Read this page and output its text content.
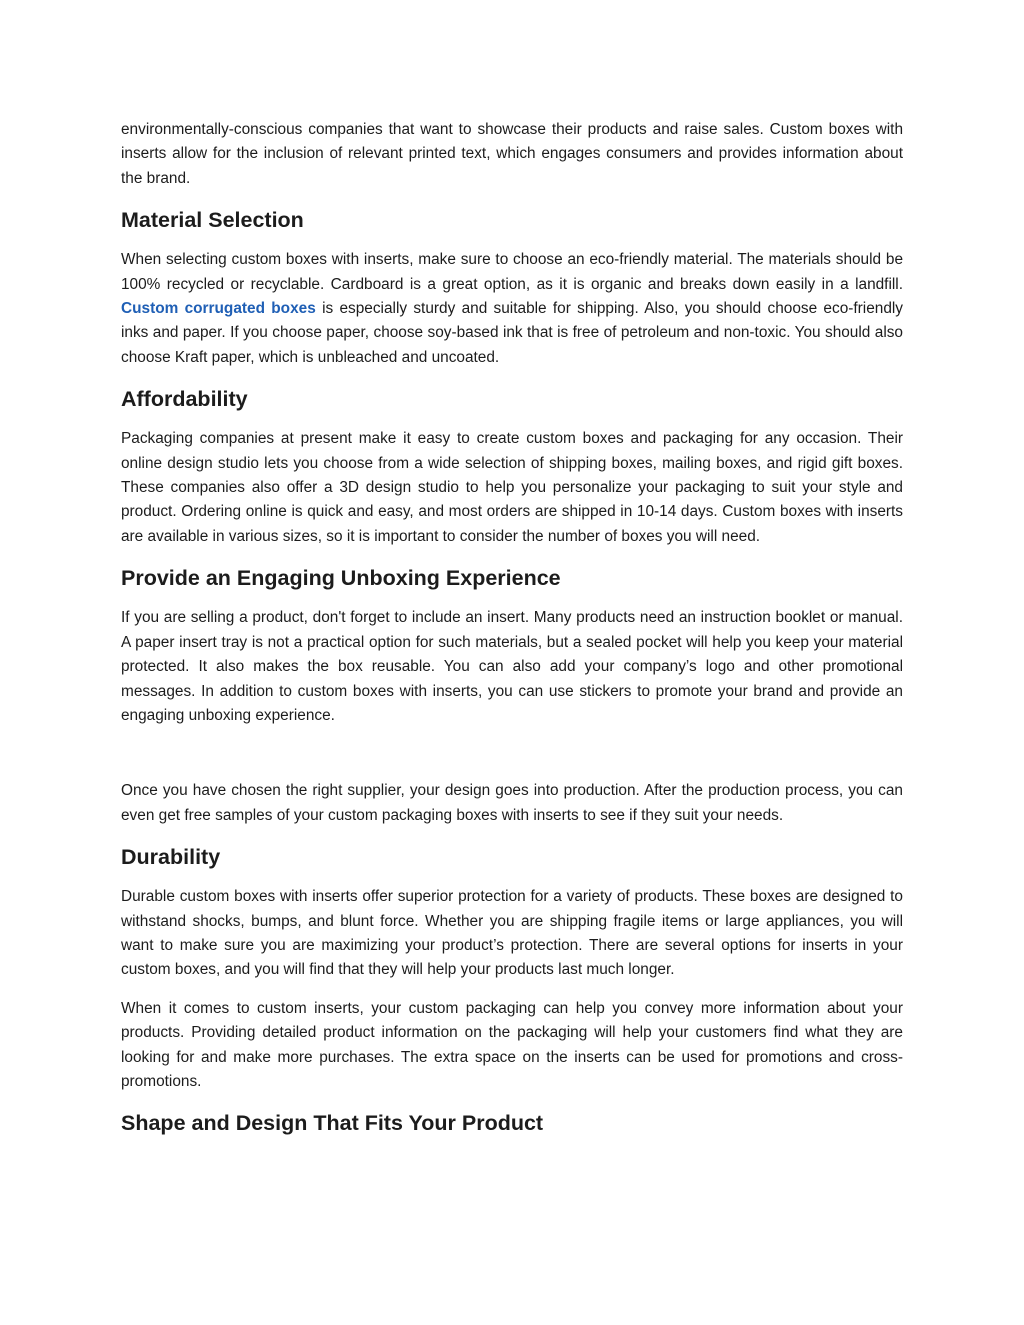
environmentally-conscious companies that want to showcase their products and raise sales. Custom boxes with inserts allow for the inclusion of relevant printed text, which engages consumers and provides information about the brand.

Material Selection

When selecting custom boxes with inserts, make sure to choose an eco-friendly material. The materials should be 100% recycled or recyclable. Cardboard is a great option, as it is organic and breaks down easily in a landfill. Custom corrugated boxes is especially sturdy and suitable for shipping. Also, you should choose eco-friendly inks and paper. If you choose paper, choose soy-based ink that is free of petroleum and non-toxic. You should also choose Kraft paper, which is unbleached and uncoated.

Affordability

Packaging companies at present make it easy to create custom boxes and packaging for any occasion. Their online design studio lets you choose from a wide selection of shipping boxes, mailing boxes, and rigid gift boxes. These companies also offer a 3D design studio to help you personalize your packaging to suit your style and product. Ordering online is quick and easy, and most orders are shipped in 10-14 days. Custom boxes with inserts are available in various sizes, so it is important to consider the number of boxes you will need.

Provide an Engaging Unboxing Experience

If you are selling a product, don't forget to include an insert. Many products need an instruction booklet or manual. A paper insert tray is not a practical option for such materials, but a sealed pocket will help you keep your material protected. It also makes the box reusable. You can also add your company’s logo and other promotional messages. In addition to custom boxes with inserts, you can use stickers to promote your brand and provide an engaging unboxing experience.

Once you have chosen the right supplier, your design goes into production. After the production process, you can even get free samples of your custom packaging boxes with inserts to see if they suit your needs.

Durability

Durable custom boxes with inserts offer superior protection for a variety of products. These boxes are designed to withstand shocks, bumps, and blunt force. Whether you are shipping fragile items or large appliances, you will want to make sure you are maximizing your product’s protection. There are several options for inserts in your custom boxes, and you will find that they will help your products last much longer.

When it comes to custom inserts, your custom packaging can help you convey more information about your products. Providing detailed product information on the packaging will help your customers find what they are looking for and make more purchases. The extra space on the inserts can be used for promotions and cross-promotions.

Shape and Design That Fits Your Product
